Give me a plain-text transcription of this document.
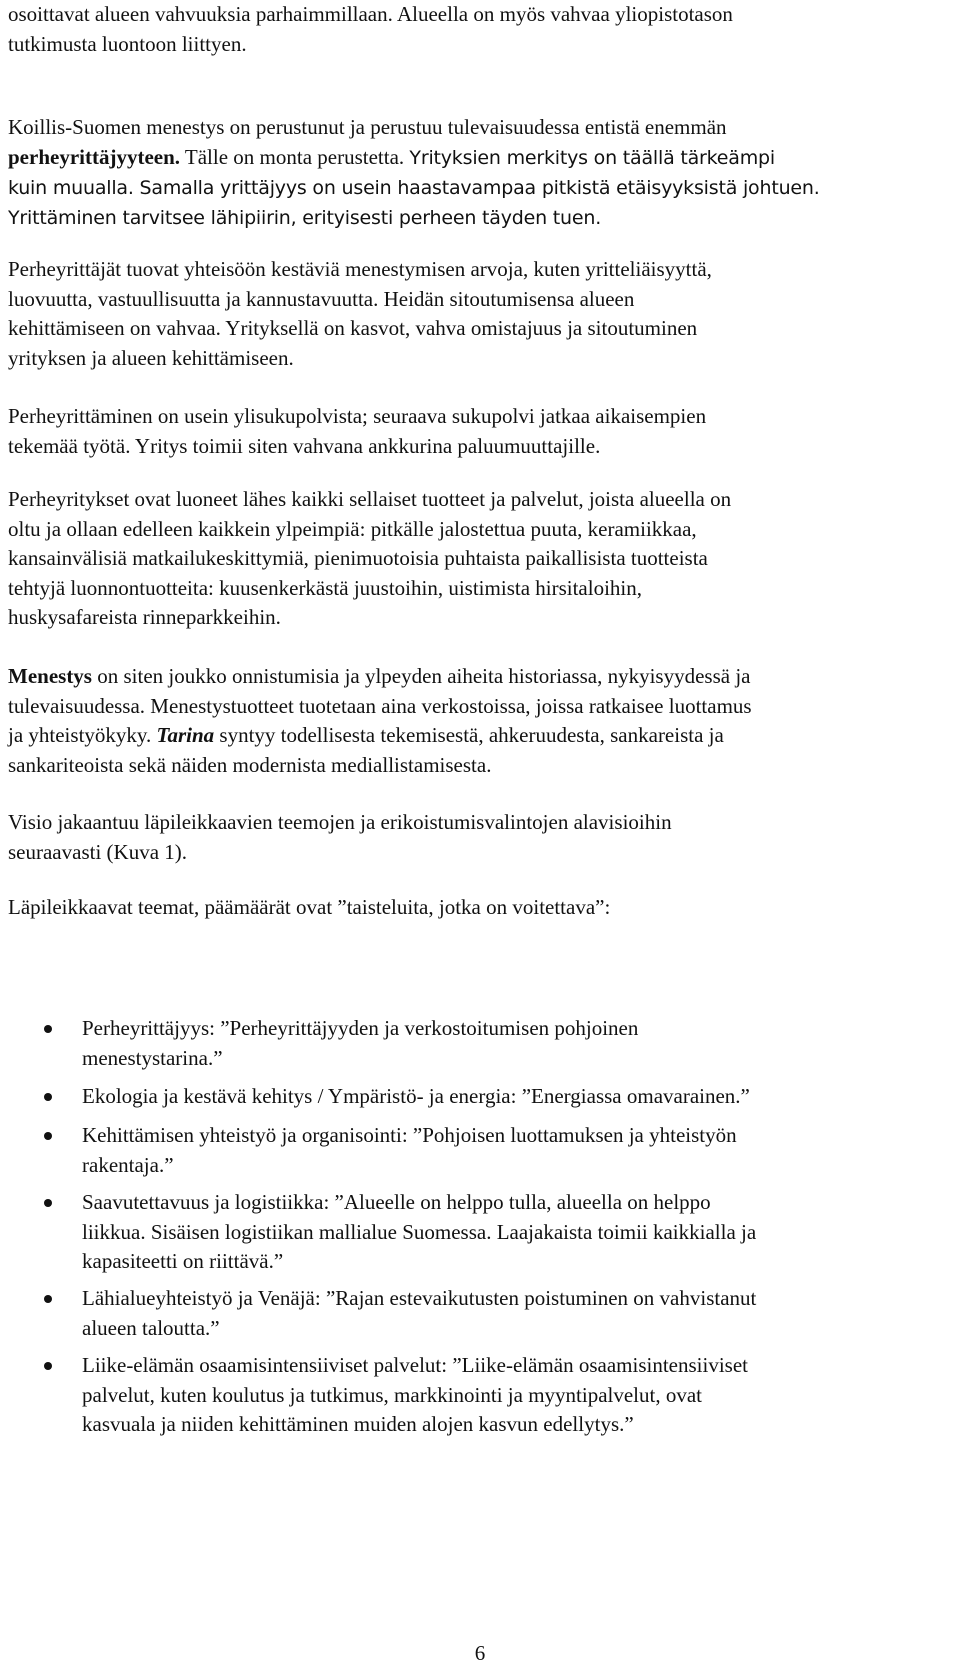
osoittavat alueen vahvuuksia parhaimmillaan. Alueella on myös vahvaa yliopistotason
tutkimusta luontoon liittyen.

Koillis-Suomen menestys on perustunut ja perustuu tulevaisuudessa entistä enemmän
perheyrittäjyyteen. Tälle on monta perustetta. Yrityksien merkitys on täällä tärkeämpi
kuin muualla. Samalla yrittäjyys on usein haastavampaa pitkistä etäisyyksistä johtuen.
Yrittäminen tarvitsee lähipiirin, erityisesti perheen täyden tuen.

Perheyrittäjät tuovat yhteisöön kestäviä menestymisen arvoja, kuten yritteliäisyyttä,
luovuutta, vastuullisuutta ja kannustavuutta. Heidän sitoutumisensa alueen
kehittämiseen on vahvaa. Yrityksellä on kasvot, vahva omistajuus ja sitoutuminen
yrityksen ja alueen kehittämiseen.

Perheyrittäminen on usein ylisukupolvista; seuraava sukupolvi jatkaa aikaisempien
tekemää työtä. Yritys toimii siten vahvana ankkurina paluumuuttajille.

Perheyritykset ovat luoneet lähes kaikki sellaiset tuotteet ja palvelut, joista alueella on
oltu ja ollaan edelleen kaikkein ylpeimpiä: pitkälle jalostettua puuta, keramiikkaa,
kansainvälisiä matkailukeskittymiä, pienimuotoisia puhtaista paikallisista tuotteista
tehtyjä luonnontuotteita: kuusenkerkästä juustoihin, uistimista hirsitaloihin,
huskysafareista rinneparkkeihin.

Menestys on siten joukko onnistumisia ja ylpeyden aiheita historiassa, nykyisyydessä ja
tulevaisuudessa. Menestystuotteet tuotetaan aina verkostoissa, joissa ratkaisee luottamus
ja yhteistyökyky. Tarina syntyy todellisesta tekemisestä, ahkeruudesta, sankareista ja
sankariteoista sekä näiden modernista mediallistamisesta.

Visio jakaantuu läpileikkaavien teemojen ja erikoistumisvalintojen alavisioihin
seuraavasti (Kuva 1).

Läpileikkaavat teemat, päämäärät ovat ”taisteluita, jotka on voitettava”:

Perheyrittäjyys: ”Perheyrittäjyyden ja verkostoitumisen pohjoinen
menestystarina.”
Ekologia ja kestävä kehitys / Ympäristö- ja energia: ”Energiassa omavarainen.”
Kehittämisen yhteistyö ja organisointi: ”Pohjoisen luottamuksen ja yhteistyön
rakentaja.”
Saavutettavuus ja logistiikka: ”Alueelle on helppo tulla, alueella on helppo
liikkua. Sisäisen logistiikan mallialue Suomessa. Laajakaista toimii kaikkialla ja
kapasiteetti on riittävä.”
Lähialueyhteistyö ja Venäjä: ”Rajan estevaikutusten poistuminen on vahvistanut
alueen taloutta.”
Liike-elämän osaamisintensiiviset palvelut: ”Liike-elämän osaamisintensiiviset
palvelut, kuten koulutus ja tutkimus, markkinointi ja myyntipalvelut, ovat
kasvuala ja niiden kehittäminen muiden alojen kasvun edellytys.”
6
